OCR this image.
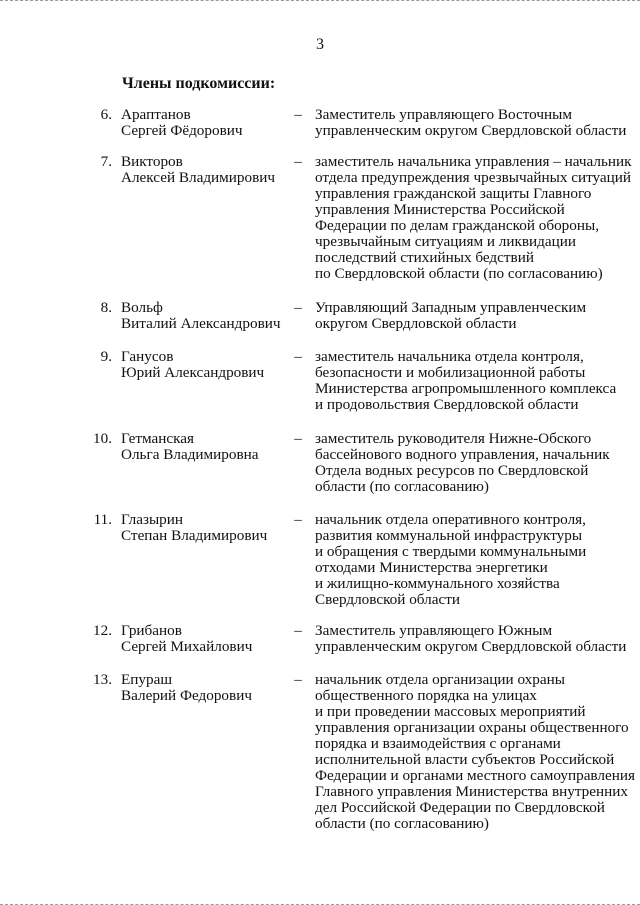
3
Члены подкомиссии:
6. Араптанов
Сергей Фёдорович
– Заместитель управляющего Восточным
управленческим округом Свердловской области
7. Викторов
Алексей Владимирович
– заместитель начальника управления – начальник
отдела предупреждения чрезвычайных ситуаций
управления гражданской защиты Главного
управления Министерства Российской
Федерации по делам гражданской обороны,
чрезвычайным ситуациям и ликвидации
последствий стихийных бедствий
по Свердловской области (по согласованию)
8. Вольф
Виталий Александрович
– Управляющий Западным управленческим
округом Свердловской области
9. Ганусов
Юрий Александрович
– заместитель начальника отдела контроля,
безопасности и мобилизационной работы
Министерства агропромышленного комплекса
и продовольствия Свердловской области
10. Гетманская
Ольга Владимировна
– заместитель руководителя Нижне-Обского
бассейнового водного управления, начальник
Отдела водных ресурсов по Свердловской
области (по согласованию)
11. Глазырин
Степан Владимирович
– начальник отдела оперативного контроля,
развития коммунальной инфраструктуры
и обращения с твердыми коммунальными
отходами Министерства энергетики
и жилищно-коммунального хозяйства
Свердловской области
12. Грибанов
Сергей Михайлович
– Заместитель управляющего Южным
управленческим округом Свердловской области
13. Епураш
Валерий Федорович
– начальник отдела организации охраны
общественного порядка на улицах
и при проведении массовых мероприятий
управления организации охраны общественного
порядка и взаимодействия с органами
исполнительной власти субъектов Российской
Федерации и органами местного самоуправления
Главного управления Министерства внутренних
дел Российской Федерации по Свердловской
области (по согласованию)
